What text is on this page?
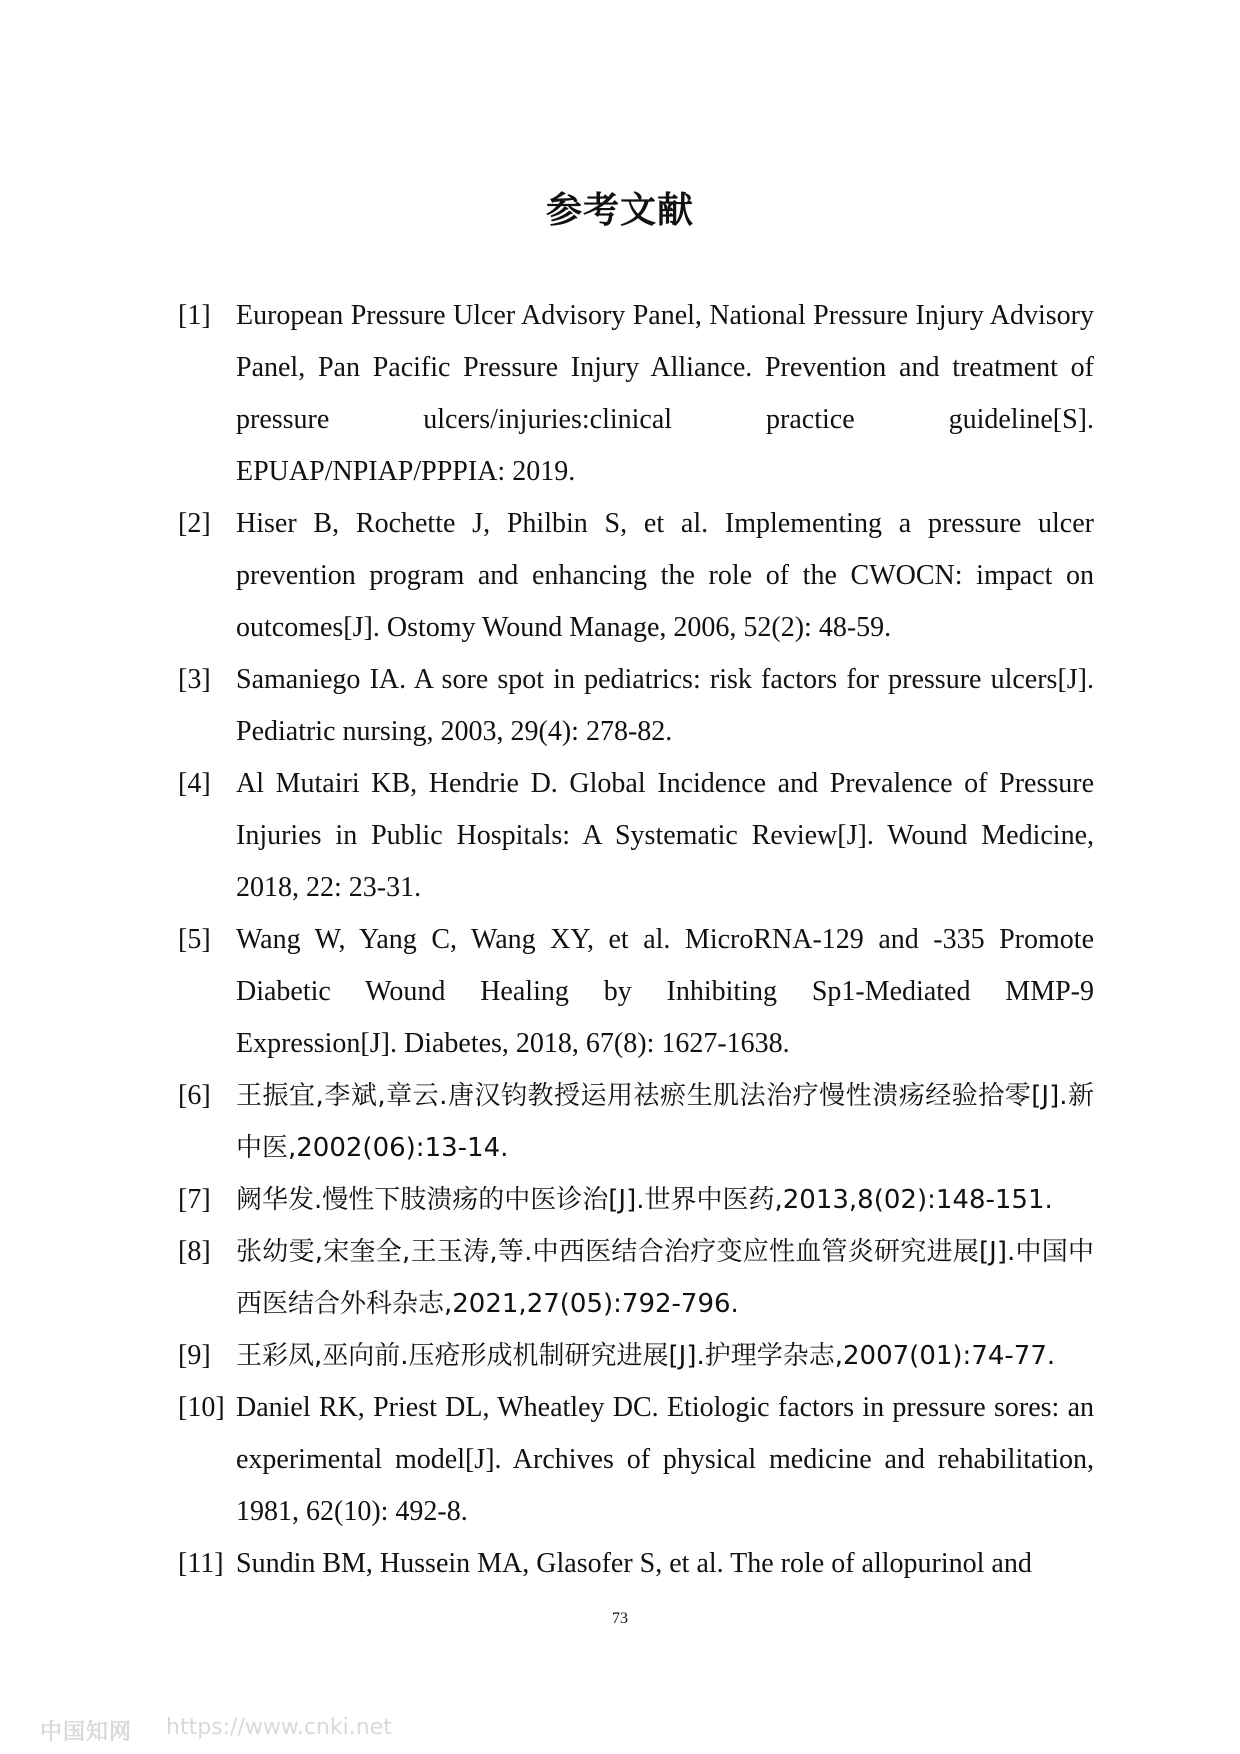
参考文献
[1] European Pressure Ulcer Advisory Panel, National Pressure Injury Advisory Panel, Pan Pacific Pressure Injury Alliance. Prevention and treatment of pressure ulcers/injuries:clinical practice guideline[S]. EPUAP/NPIAP/PPPIA: 2019.
[2] Hiser B, Rochette J, Philbin S, et al. Implementing a pressure ulcer prevention program and enhancing the role of the CWOCN: impact on outcomes[J]. Ostomy Wound Manage, 2006, 52(2): 48-59.
[3] Samaniego IA. A sore spot in pediatrics: risk factors for pressure ulcers[J]. Pediatric nursing, 2003, 29(4): 278-82.
[4] Al Mutairi KB, Hendrie D. Global Incidence and Prevalence of Pressure Injuries in Public Hospitals: A Systematic Review[J]. Wound Medicine, 2018, 22: 23-31.
[5] Wang W, Yang C, Wang XY, et al. MicroRNA-129 and -335 Promote Diabetic Wound Healing by Inhibiting Sp1-Mediated MMP-9 Expression[J]. Diabetes, 2018, 67(8): 1627-1638.
[6] 王振宜,李斌,章云.唐汉钧教授运用祛瘀生肌法治疗慢性溃疡经验拾零[J].新中医,2002(06):13-14.
[7] 阙华发.慢性下肢溃疡的中医诊治[J].世界中医药,2013,8(02):148-151.
[8] 张幼雯,宋奎全,王玉涛,等.中西医结合治疗变应性血管炎研究进展[J].中国中西医结合外科杂志,2021,27(05):792-796.
[9] 王彩凤,巫向前.压疮形成机制研究进展[J].护理学杂志,2007(01):74-77.
[10] Daniel RK, Priest DL, Wheatley DC. Etiologic factors in pressure sores: an experimental model[J]. Archives of physical medicine and rehabilitation, 1981, 62(10): 492-8.
[11] Sundin BM, Hussein MA, Glasofer S, et al. The role of allopurinol and
73
中国知网 https://www.cnki.net
